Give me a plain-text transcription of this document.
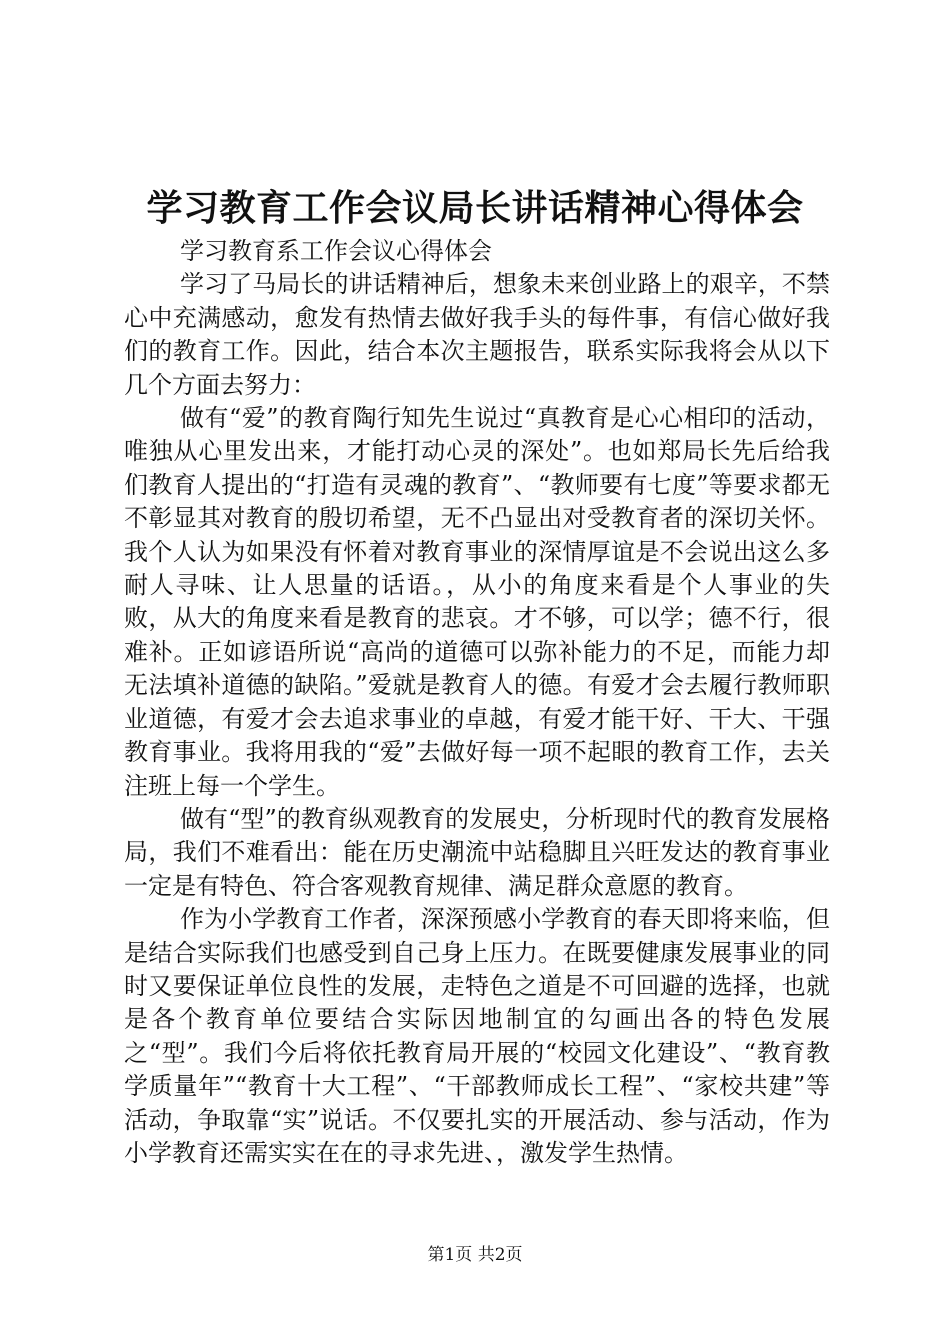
学习教育工作会议局长讲话精神心得体会

学习教育系工作会议心得体会

学习了马局长的讲话精神后，想象未来创业路上的艰辛，不禁心中充满感动，愈发有热情去做好我手头的每件事，有信心做好我们的教育工作。因此，结合本次主题报告，联系实际我将会从以下几个方面去努力：

做有“爱”的教育陶行知先生说过“真教育是心心相印的活动，唯独从心里发出来，才能打动心灵的深处”。也如郑局长先后给我们教育人提出的“打造有灵魂的教育”、“教师要有七度”等要求都无不彰显其对教育的殷切希望，无不凸显出对受教育者的深切关怀。我个人认为如果没有怀着对教育事业的深情厚谊是不会说出这么多耐人寻味、让人思量的话语。，从小的角度来看是个人事业的失败，从大的角度来看是教育的悲哀。才不够，可以学；德不行，很难补。正如谚语所说“高尚的道德可以弥补能力的不足，而能力却无法填补道德的缺陷。”爱就是教育人的德。有爱才会去履行教师职业道德，有爱才会去追求事业的卓越，有爱才能干好、干大、干强教育事业。我将用我的“爱”去做好每一项不起眼的教育工作，去关注班上每一个学生。

做有“型”的教育纵观教育的发展史，分析现时代的教育发展格局，我们不难看出：能在历史潮流中站稳脚且兴旺发达的教育事业一定是有特色、符合客观教育规律、满足群众意愿的教育。

作为小学教育工作者，深深预感小学教育的春天即将来临，但是结合实际我们也感受到自己身上压力。在既要健康发展事业的同时又要保证单位良性的发展，走特色之道是不可回避的选择，也就是各个教育单位要结合实际因地制宜的勾画出各的特色发展之“型”。我们今后将依托教育局开展的“校园文化建设”、“教育教学质量年”“教育十大工程”、“干部教师成长工程”、“家校共建”等活动，争取靠“实”说话。不仅要扎实的开展活动、参与活动，作为小学教育还需实实在在的寻求先进、，激发学生热情。

第1页 共2页
